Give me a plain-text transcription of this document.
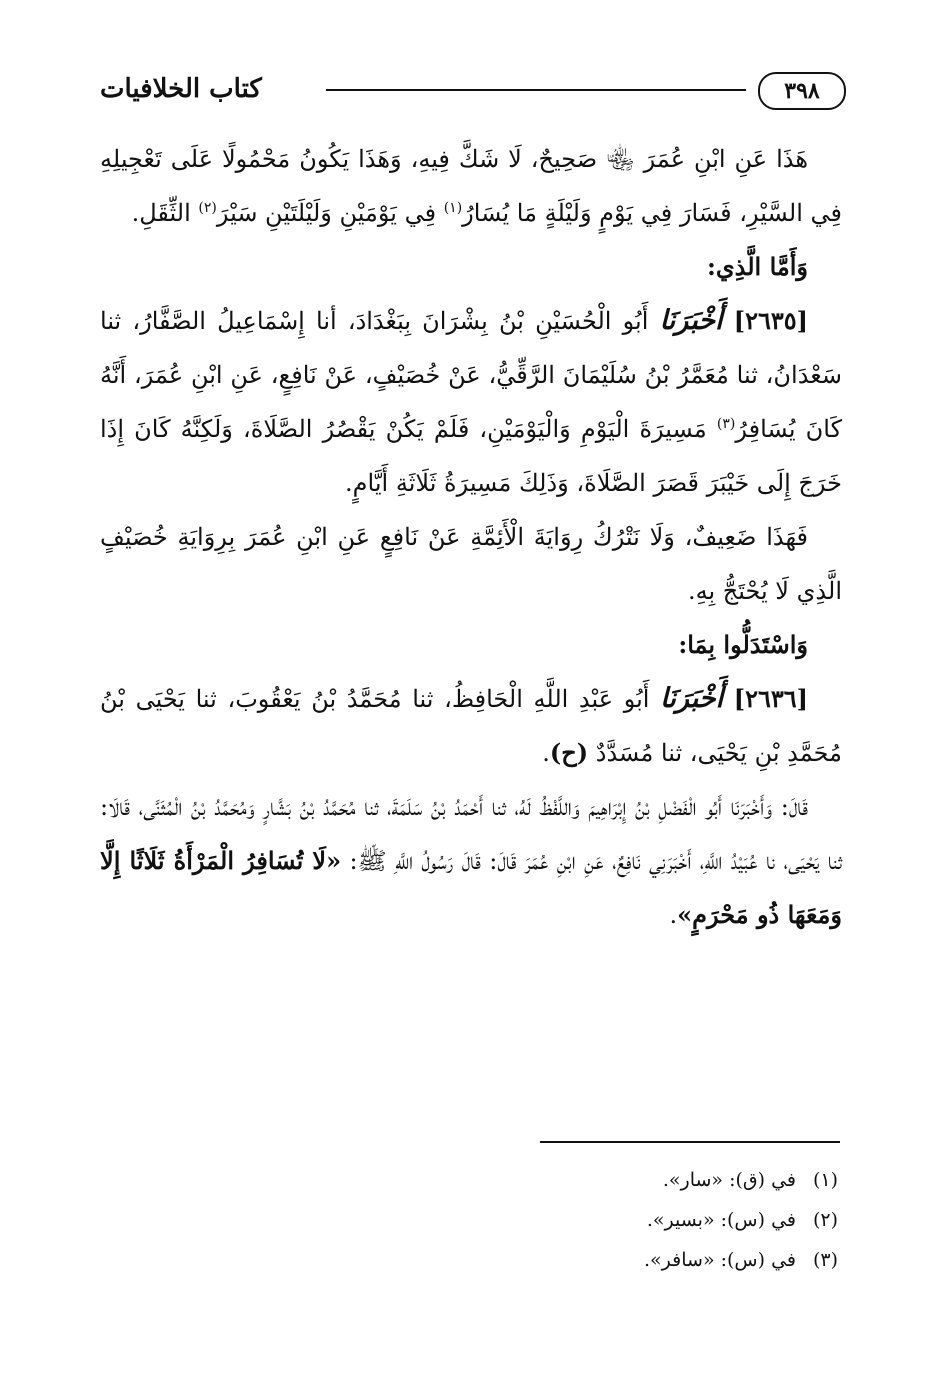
٣٩٨
كتاب الخلافيات

هَذَا عَنِ ابْنِ عُمَرَ ﵄ صَحِيحٌ، لَا شَكَّ فِيهِ، وَهَذَا يَكُونُ مَحْمُولًا عَلَى تَعْجِيلِهِ فِي السَّيْرِ، فَسَارَ فِي يَوْمٍ وَلَيْلَةٍ مَا يُسَارُ$^{(١)}$ فِي يَوْمَيْنِ وَلَيْلَتَيْنِ سَيْرَ$^{(٢)}$ الثِّقَلِ.

وَأَمَّا الَّذِي:

[٢٦٣٥] أَخْبَرَنَا أَبُو الْحُسَيْنِ بْنُ بِشْرَانَ بِبَغْدَادَ، أنا إِسْمَاعِيلُ الصَّفَّارُ، ثنا سَعْدَانُ، ثنا مُعَمَّرُ بْنُ سُلَيْمَانَ الرَّقِّيُّ، عَنْ خُصَيْفٍ، عَنْ نَافِعٍ، عَنِ ابْنِ عُمَرَ، أَنَّهُ كَانَ يُسَافِرُ$^{(٣)}$ مَسِيرَةَ الْيَوْمِ وَالْيَوْمَيْنِ، فَلَمْ يَكُنْ يَقْصُرُ الصَّلَاةَ، وَلَكِنَّهُ كَانَ إِذَا خَرَجَ إِلَى خَيْبَرَ قَصَرَ الصَّلَاةَ، وَذَلِكَ مَسِيرَةُ ثَلَاثَةِ أَيَّامٍ.

فَهَذَا ضَعِيفٌ، وَلَا نَتْرُكُ رِوَايَةَ الْأَئِمَّةِ عَنْ نَافِعٍ عَنِ ابْنِ عُمَرَ بِرِوَايَةِ خُصَيْفٍ الَّذِي لَا يُحْتَجُّ بِهِ.

وَاسْتَدَلُّوا بِمَا:

[٢٦٣٦] أَخْبَرَنَا أَبُو عَبْدِ اللَّهِ الْحَافِظُ، ثنا مُحَمَّدُ بْنُ يَعْقُوبَ، ثنا يَحْيَى بْنُ مُحَمَّدِ بْنِ يَحْيَى، ثنا مُسَدَّدٌ (ح).

قَالَ: وَأَخْبَرَنَا أَبُو الْفَضْلِ بْنُ إِبْرَاهِيمَ وَاللَّفْظُ لَهُ، ثنا أَحْمَدُ بْنُ سَلَمَةَ، ثنا مُحَمَّدُ بْنُ بَشَّارٍ وَمُحَمَّدُ بْنُ الْمُثَنَّى، قَالَا: ثنا يَحْيَى، نا عُبَيْدُ اللَّهِ، أَخْبَرَنِي نَافِعٌ، عَنِ ابْنِ عُمَرَ قَالَ: قَالَ رَسُولُ اللَّهِ ﷺ: «لَا تُسَافِرُ الْمَرْأَةُ ثَلَاثًا إِلَّا وَمَعَهَا ذُو مَحْرَمٍ».

(١)في (ق): «سار».
(٢)في (س): «بسير».
(٣)في (س): «سافر».
